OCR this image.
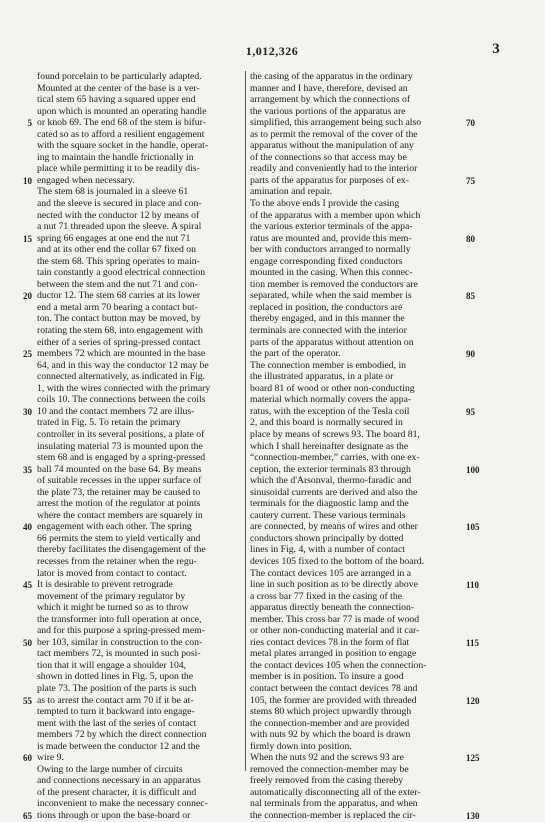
1,012,326	3
found porcelain to be particularly adapted.
Mounted at the center of the base is a ver-
tical stem 65 having a squared upper end
upon which is mounted an operating handle
or knob 69. The end 68 of the stem is bifur-
cated so as to afford a resilient engagement
with the square socket in the handle, operat-
ing to maintain the handle frictionally in
place while permitting it to be readily dis-
engaged when necessary.
The stem 68 is journaled in a sleeve 61
and the sleeve is secured in place and con-
nected with the conductor 12 by means of
a nut 71 threaded upon the sleeve. A spiral
spring 66 engages at one end the nut 71
and at its other end the collar 67 fixed on
the stem 68. This spring operates to main-
tain constantly a good electrical connection
between the stem and the nut 71 and con-
ductor 12. The stem 68 carries at its lower
end a metal arm 70 bearing a contact but-
ton. The contact button may be moved, by
rotating the stem 68, into engagement with
either of a series of spring-pressed contact
members 72 which are mounted in the base
64, and in this way the conductor 12 may be
connected alternatively, as indicated in Fig.
1, with the wires connected with the primary
coils 10. The connections between the coils
10 and the contact members 72 are illus-
trated in Fig. 5. To retain the primary
controller in its several positions, a plate of
insulating material 73 is mounted upon the
stem 68 and is engaged by a spring-pressed
ball 74 mounted on the base 64. By means
of suitable recesses in the upper surface of
the plate 73, the retainer may be caused to
arrest the motion of the regulator at points
where the contact members are squarely in
engagement with each other. The spring
66 permits the stem to yield vertically and
thereby facilitates the disengagement of the
recesses from the retainer when the regu-
lator is moved from contact to contact.
It is desirable to prevent retrograde
movement of the primary regulator by
which it might be turned so as to throw
the transformer into full operation at once,
and for this purpose a spring-pressed mem-
ber 103, similar in construction to the con-
tact members 72, is mounted in such posi-
tion that it will engage a shoulder 104,
shown in dotted lines in Fig. 5, upon the
plate 73. The position of the parts is such
as to arrest the contact arm 70 if it be at-
tempted to turn it backward into engage-
ment with the last of the series of contact
members 72 by which the direct connection
is made between the conductor 12 and the
wire 9.
Owing to the large number of circuits
and connections necessary in an apparatus
of the present character, it is difficult and
inconvenient to make the necessary connec-
tions through or upon the base-board or
the casing of the apparatus in the ordinary
manner and I have, therefore, devised an
arrangement by which the connections of
the various portions of the apparatus are
simplified, this arrangement being such also
as to permit the removal of the cover of the
apparatus without the manipulation of any
of the connections so that access may be
readily and conveniently had to the interior
parts of the apparatus for purposes of ex-
amination and repair.
To the above ends I provide the casing
of the apparatus with a member upon which
the various exterior terminals of the appa-
ratus are mounted and, provide this mem-
ber with conductors arranged to normally
engage corresponding fixed conductors
mounted in the casing. When this connec-
tion member is removed the conductors are
separated, while when the said member is
replaced in position, the conductors are
thereby engaged, and in this manner the
terminals are connected with the interior
parts of the apparatus without attention on
the part of the operator.
The connection member is embodied, in
the illustrated apparatus, in a plate or
board 81 of wood or other non-conducting
material which normally covers the appa-
ratus, with the exception of the Tesla coil
2, and this board is normally secured in
place by means of screws 93. The board 81,
which I shall hereinafter designate as the
“connection-member,” carries, with one ex-
ception, the exterior terminals 83 through
which the d'Arsonval, thermo-faradic and
sinusoidal currents are derived and also the
terminals for the diagnostic lamp and the
cautery current. These various terminals
are connected, by means of wires and other
conductors shown principally by dotted
lines in Fig. 4, with a number of contact
devices 105 fixed to the bottom of the board.
The contact devices 105 are arranged in a
line in such position as to be directly above
a cross bar 77 fixed in the casing of the
apparatus directly beneath the connection-
member. This cross bar 77 is made of wood
or other non-conducting material and it car-
ries contact devices 78 in the form of flat
metal plates arranged in position to engage
the contact devices 105 when the connection-
member is in position. To insure a good
contact between the contact devices 78 and
105, the former are provided with threaded
stems 80 which project upwardly through
the connection-member and are provided
with nuts 92 by which the board is drawn
firmly down into position.
When the nuts 92 and the screws 93 are
removed the connection-member may be
freely removed from the casing thereby
automatically disconnecting all of the exter-
nal terminals from the apparatus, and when
the connection-member is replaced the cir-
5
10
15
20
25
30
35
40
45
50
55
60
65
70
75
80
85
90
95
100
105
110
115
120
125
130
